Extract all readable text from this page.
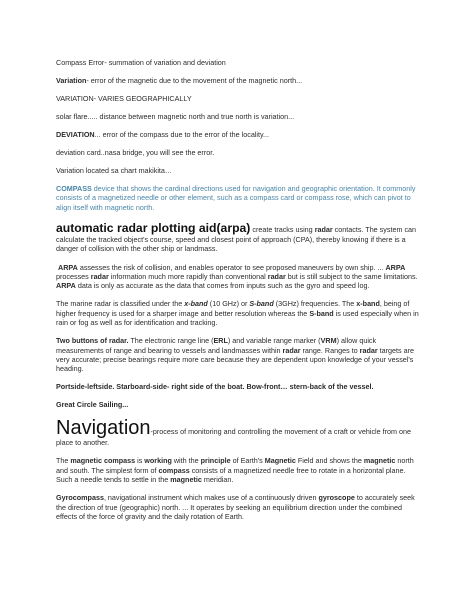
Compass Error- summation of variation and deviation

Variation- error of the magnetic due to the movement of the magnetic north...

VARIATION- VARIES GEOGRAPHICALLY

solar flare..... distance between magnetic north and true north is variation...

DEVIATION... error of the compass due to the error of the locality...

deviation card..nasa bridge, you will see the error.

Variation located sa chart makikita…

COMPASS device that shows the cardinal directions used for navigation and geographic orientation. It commonly consists of a magnetized needle or other element, such as a compass card or compass rose, which can pivot to align itself with magnetic north.

automatic radar plotting aid(arpa) create tracks using radar contacts. The system can calculate the tracked object's course, speed and closest point of approach (CPA), thereby knowing if there is a danger of collision with the other ship or landmass.

ARPA assesses the risk of collision, and enables operator to see proposed maneuvers by own ship. ... ARPA processes radar information much more rapidly than conventional radar but is still subject to the same limitations. ARPA data is only as accurate as the data that comes from inputs such as the gyro and speed log.

The marine radar is classified under the x-band (10 GHz) or S-band (3GHz) frequencies. The x-band, being of higher frequency is used for a sharper image and better resolution whereas the S-band is used especially when in rain or fog as well as for identification and tracking.

Two buttons of radar. The electronic range line (ERL) and variable range marker (VRM) allow quick measurements of range and bearing to vessels and landmasses within radar range. Ranges to radar targets are very accurate; precise bearings require more care because they are dependent upon knowledge of your vessel's heading.

Portside-leftside. Starboard-side- right side of the boat. Bow-front… stern-back of the vessel.

Great Circle Sailing...

Navigation-process of monitoring and controlling the movement of a craft or vehicle from one place to another.

The magnetic compass is working with the principle of Earth's Magnetic Field and shows the magnetic north and south. The simplest form of compass consists of a magnetized needle free to rotate in a horizontal plane. Such a needle tends to settle in the magnetic meridian.

Gyrocompass, navigational instrument which makes use of a continuously driven gyroscope to accurately seek the direction of true (geographic) north. ... It operates by seeking an equilibrium direction under the combined effects of the force of gravity and the daily rotation of Earth.
